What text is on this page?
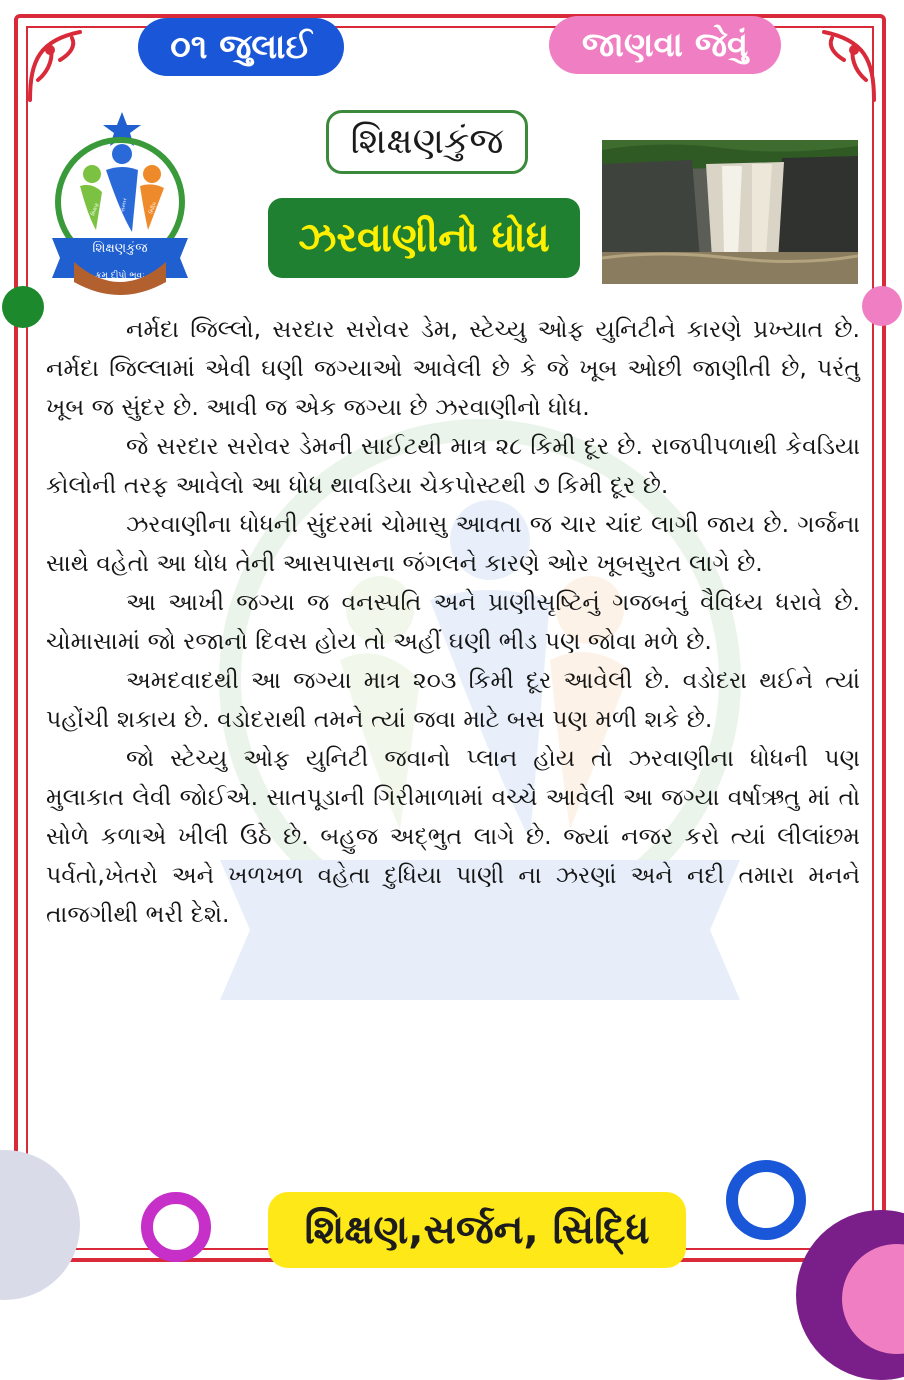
૦૧ જુલાઈ	જાણવા જેવું
શિક્ષણકુંજ
ક્રમ દીપો ભવઃ
શિક્ષણ	સંસ્કાર	સિદ્ધિ
શિક્ષણકુંજ
ઝરવાણીનો ધોધ

નર્મદા જિલ્લો, સરદાર સરોવર ડેમ, સ્ટેચ્યુ ઓફ યુનિટીને કારણે પ્રખ્યાત છે. નર્મદા જિલ્લામાં એવી ઘણી જગ્યાઓ આવેલી છે કે જે ખૂબ ઓછી જાણીતી છે, પરંતુ ખૂબ જ સુંદર છે. આવી જ એક જગ્યા છે ઝરવાણીનો ધોધ.

જે સરદાર સરોવર ડેમની સાઈટથી માત્ર ૨૮ કિમી દૂર છે. રાજપીપળાથી કેવડિયા કોલોની તરફ આવેલો આ ધોધ થાવડિયા ચેકપોસ્ટથી ૭ કિમી દૂર છે.

ઝરવાણીના ધોધની સુંદરમાં ચોમાસુ આવતા જ ચાર ચાંદ લાગી જાય છે. ગર્જના સાથે વહેતો આ ધોધ તેની આસપાસના જંગલને કારણે ઓર ખૂબસુરત લાગે છે.

આ આખી જગ્યા જ વનસ્પતિ અને પ્રાણીસૃષ્ટિનું ગજબનું વૈવિધ્ય ધરાવે છે. ચોમાસામાં જો રજાનો દિવસ હોય તો અહીં ઘણી ભીડ પણ જોવા મળે છે.

અમદવાદથી આ જગ્યા માત્ર ૨૦૩ કિમી દૂર આવેલી છે. વડોદરા થઈને ત્યાં પહોંચી શકાય છે. વડોદરાથી તમને ત્યાં જવા માટે બસ પણ મળી શકે છે.

જો સ્ટેચ્યુ ઓફ યુનિટી જવાનો પ્લાન હોય તો ઝરવાણીના ધોધની પણ મુલાકાત લેવી જોઈએ. સાતપૂડાની ગિરીમાળામાં વચ્ચે આવેલી આ જગ્યા વર્ષાઋતુ માં તો સોળે કળાએ ખીલી ઉઠે છે. બહુજ અદ્ભુત લાગે છે. જ્યાં નજર કરો ત્યાં લીલાંછમ પર્વતો,ખેતરો અને ખળખળ વહેતા દુધિયા પાણી ના ઝરણાં અને નદી તમારા મનને તાજગીથી ભરી દેશે.

શિક્ષણ,સર્જન, સિદ્ધિ
